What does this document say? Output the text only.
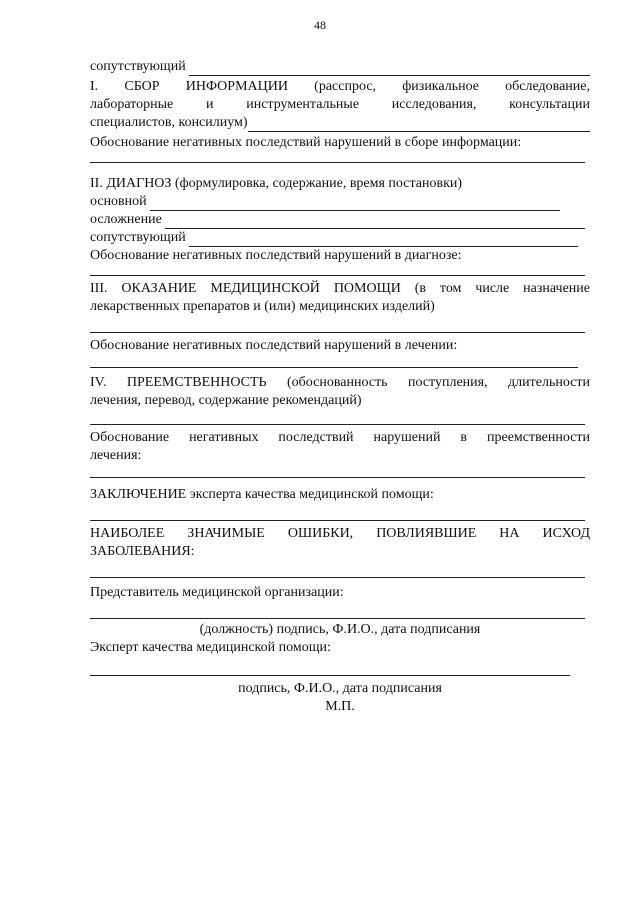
48
сопутствующий
I. СБОР ИНФОРМАЦИИ (расспрос, физикальное обследование,
лабораторные и инструментальные исследования, консультации
специалистов, консилиум)
Обоснование негативных последствий нарушений в сборе информации:
II. ДИАГНОЗ (формулировка, содержание, время постановки)
основной
осложнение
сопутствующий
Обоснование негативных последствий нарушений в диагнозе:
III. ОКАЗАНИЕ МЕДИЦИНСКОЙ ПОМОЩИ (в том числе назначение
лекарственных препаратов и (или) медицинских изделий)
Обоснование негативных последствий нарушений в лечении:
IV. ПРЕЕМСТВЕННОСТЬ (обоснованность поступления, длительности
лечения, перевод, содержание рекомендаций)
Обоснование негативных последствий нарушений в преемственности
лечения:
ЗАКЛЮЧЕНИЕ эксперта качества медицинской помощи:
НАИБОЛЕЕ ЗНАЧИМЫЕ ОШИБКИ, ПОВЛИЯВШИЕ НА ИСХОД
ЗАБОЛЕВАНИЯ:
Представитель медицинской организации:
(должность) подпись, Ф.И.О., дата подписания
Эксперт качества медицинской помощи:
подпись, Ф.И.О., дата подписания
М.П.
